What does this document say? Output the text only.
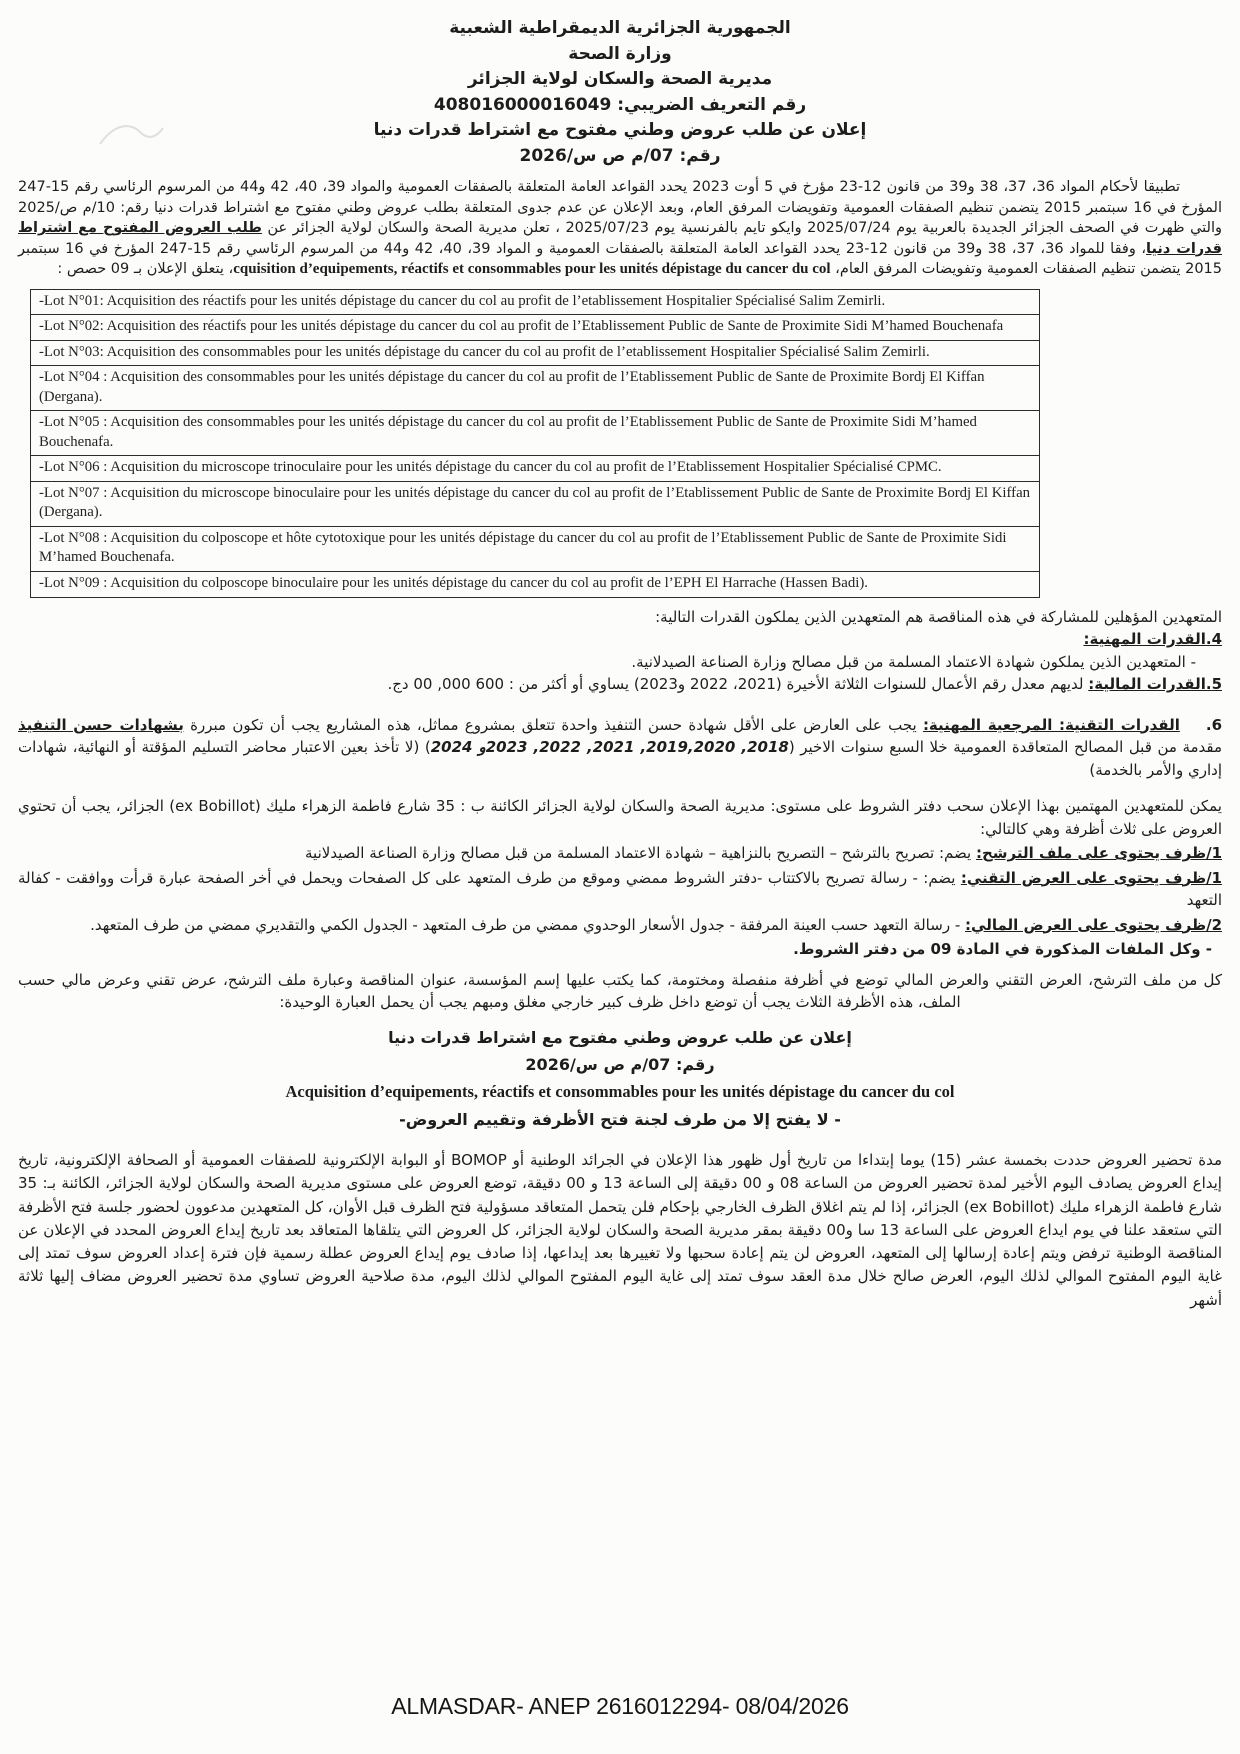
الجمهورية الجزائرية الديمقراطية الشعبية
وزارة الصحة
مديرية الصحة والسكان لولاية الجزائر
رقم التعريف الضريبي: 408016000016049
إعلان عن طلب عروض وطني مفتوح مع اشتراط قدرات دنيا
رقم: 07/م ص س/2026

تطبيقا لأحكام المواد 36، 37، 38 و39 من قانون 12-23 مؤرخ في 5 أوت 2023 يحدد القواعد العامة المتعلقة بالصفقات العمومية والمواد 39، 40، 42 و44 من المرسوم الرئاسي رقم 15-247 المؤرخ في 16 سبتمبر 2015 يتضمن تنظيم الصفقات العمومية وتفويضات المرفق العام، وبعد الإعلان عن عدم جدوى المتعلقة بطلب عروض وطني مفتوح مع اشتراط قدرات دنيا رقم: 10/م ص/2025 والتي ظهرت في الصحف الجزائر الجديدة بالعربية يوم 2025/07/24 وايكو تايم بالفرنسية يوم 2025/07/23 ، تعلن مديرية الصحة والسكان لولاية الجزائر عن طلب العروض المفتوح مع اشتراط قدرات دنيا، وفقا للمواد 36، 37، 38 و39 من قانون 12-23 يحدد القواعد العامة المتعلقة بالصفقات العمومية و المواد 39، 40، 42 و44 من المرسوم الرئاسي رقم 15-247 المؤرخ في 16 سبتمبر 2015 يتضمن تنظيم الصفقات العمومية وتفويضات المرفق العام، cquisition d’equipements, réactifs et consommables pour les unités dépistage du cancer du col، يتعلق الإعلان بـ 09 حصص :

-Lot N°01: Acquisition des réactifs pour les unités dépistage du cancer du col au profit de l’etablissement Hospitalier Spécialisé Salim Zemirli.
-Lot N°02: Acquisition des réactifs pour les unités dépistage du cancer du col au profit de l’Etablissement Public de Sante de Proximite Sidi M’hamed Bouchenafa
-Lot N°03: Acquisition des consommables pour les unités dépistage du cancer du col au profit de l’etablissement Hospitalier Spécialisé Salim Zemirli.
-Lot N°04 : Acquisition des consommables pour les unités dépistage du cancer du col au profit de l’Etablissement Public de Sante de Proximite Bordj El Kiffan (Dergana).
-Lot N°05 : Acquisition des consommables pour les unités dépistage du cancer du col au profit de l’Etablissement Public de Sante de Proximite Sidi M’hamed Bouchenafa.
-Lot N°06 : Acquisition du microscope trinoculaire pour les unités dépistage du cancer du col au profit de l’Etablissement Hospitalier Spécialisé CPMC.
-Lot N°07 : Acquisition du microscope binoculaire pour les unités dépistage du cancer du col au profit de l’Etablissement Public de Sante de Proximite Bordj El Kiffan (Dergana).
-Lot N°08 : Acquisition du colposcope et hôte cytotoxique pour les unités dépistage du cancer du col au profit de l’Etablissement Public de Sante de Proximite Sidi M’hamed Bouchenafa.
-Lot N°09 : Acquisition du colposcope binoculaire pour les unités dépistage du cancer du col au profit de l’EPH El Harrache (Hassen Badi).

المتعهدين المؤهلين للمشاركة في هذه المناقصة هم المتعهدين الذين يملكون القدرات التالية:

4.القدرات المهنية:

- المتعهدين الذين يملكون شهادة الاعتماد المسلمة من قبل مصالح وزارة الصناعة الصيدلانية.

5.القدرات المالية: لديهم معدل رقم الأعمال للسنوات الثلاثة الأخيرة (2021، 2022 و2023) يساوي أو أكثر من : 600 000, 00 دج.

6.القدرات التقنية: المرجعية المهنية: يجب على العارض على الأقل شهادة حسن التنفيذ واحدة تتعلق بمشروع مماثل، هذه المشاريع يجب أن تكون مبررة بشهادات حسن التنفيذ مقدمة من قبل المصالح المتعاقدة العمومية خلا السبع سنوات الاخير (2018, 2019,2020, 2021, 2022, 2023و 2024) (لا تأخذ بعين الاعتبار محاضر التسليم المؤقتة أو النهائية، شهادات إداري والأمر بالخدمة)

يمكن للمتعهدين المهتمين بهذا الإعلان سحب دفتر الشروط على مستوى: مديرية الصحة والسكان لولاية الجزائر الكائنة ب : 35 شارع فاطمة الزهراء مليك (ex Bobillot) الجزائر، يجب أن تحتوي العروض على ثلاث أظرفة وهي كالتالي:

1/ظرف يحتوى على ملف الترشح: يضم: تصريح بالترشح – التصريح بالنزاهية – شهادة الاعتماد المسلمة من قبل مصالح وزارة الصناعة الصيدلانية

1/ظرف يحتوى على العرض التقني: يضم: - رسالة تصريح بالاكتتاب -دفتر الشروط ممضي وموقع من طرف المتعهد على كل الصفحات ويحمل في أخر الصفحة عبارة قرأت ووافقت - كفالة التعهد

2/ظرف يحتوى على العرض المالي: - رسالة التعهد حسب العينة المرفقة - جدول الأسعار الوحدوي ممضي من طرف المتعهد - الجدول الكمي والتقديري ممضي من طرف المتعهد.

- وكل الملفات المذكورة في المادة 09 من دفتر الشروط.

كل من ملف الترشح، العرض التقني والعرض المالي توضع في أظرفة منفصلة ومختومة، كما يكتب عليها إسم المؤسسة، عنوان المناقصة وعبارة ملف الترشح، عرض تقني وعرض مالي حسب الملف، هذه الأظرفة الثلاث يجب أن توضع داخل ظرف كبير خارجي مغلق ومبهم يجب أن يحمل العبارة الوحيدة:

إعلان عن طلب عروض وطني مفتوح مع اشتراط قدرات دنيا
رقم: 07/م ص س/2026
Acquisition d’equipements, réactifs et consommables pour les unités dépistage du cancer du col
- لا يفتح إلا من طرف لجنة فتح الأظرفة وتقييم العروض-

مدة تحضير العروض حددت بخمسة عشر (15) يوما إبتداءا من تاريخ أول ظهور هذا الإعلان في الجرائد الوطنية أو BOMOP أو البوابة الإلكترونية للصفقات العمومية أو الصحافة الإلكترونية، تاريخ إيداع العروض يصادف اليوم الأخير لمدة تحضير العروض من الساعة 08 و 00 دقيقة إلى الساعة 13 و 00 دقيقة، توضع العروض على مستوى مديرية الصحة والسكان لولاية الجزائر، الكائنة بـ: 35 شارع فاطمة الزهراء مليك (ex Bobillot) الجزائر، إذا لم يتم اغلاق الظرف الخارجي بإحكام فلن يتحمل المتعاقد مسؤولية فتح الظرف قبل الأوان، كل المتعهدين مدعوون لحضور جلسة فتح الأظرفة التي ستعقد علنا في يوم ايداع العروض على الساعة 13 سا و00 دقيقة بمقر مديرية الصحة والسكان لولاية الجزائر، كل العروض التي يتلقاها المتعاقد بعد تاريخ إيداع العروض المحدد في الإعلان عن المناقصة الوطنية ترفض ويتم إعادة إرسالها إلى المتعهد، العروض لن يتم إعادة سحبها ولا تغييرها بعد إيداعها، إذا صادف يوم إيداع العروض عطلة رسمية فإن فترة إعداد العروض سوف تمتد إلى غاية اليوم المفتوح الموالي لذلك اليوم، العرض صالح خلال مدة العقد سوف تمتد إلى غاية اليوم المفتوح الموالي لذلك اليوم، مدة صلاحية العروض تساوي مدة تحضير العروض مضاف إليها ثلاثة أشهر

ALMASDAR- ANEP 2616012294- 08/04/2026
